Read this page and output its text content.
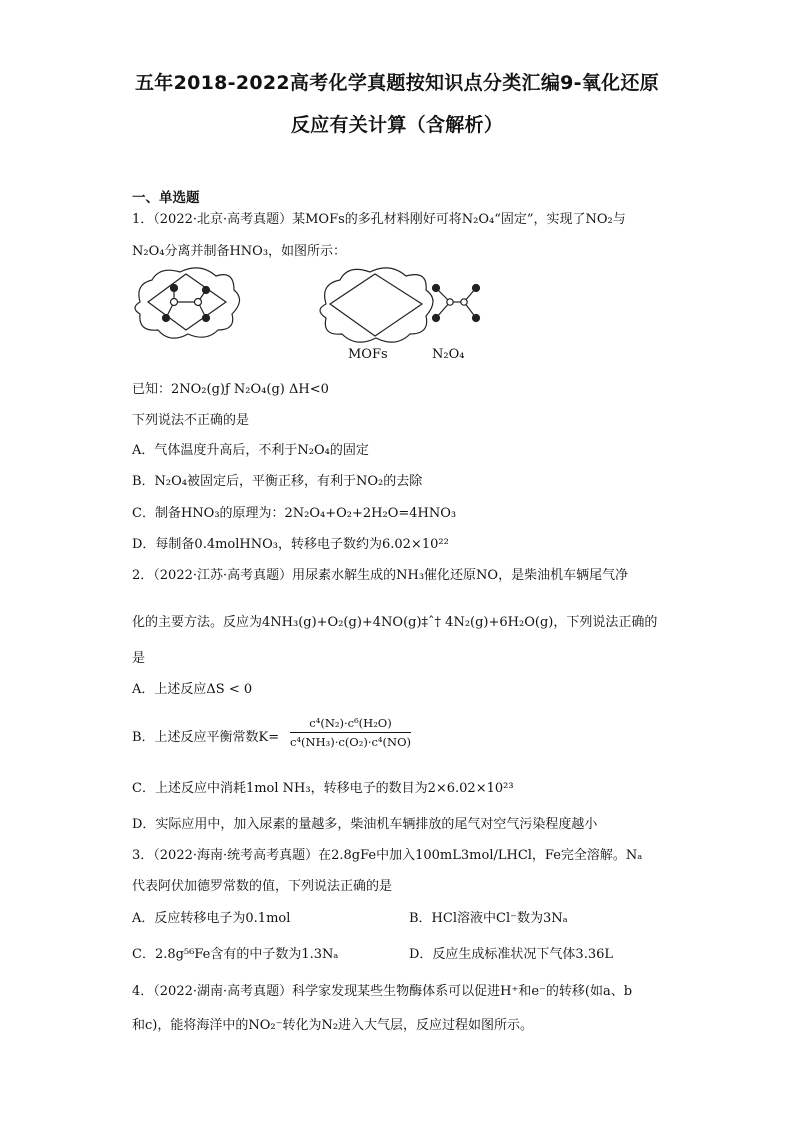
五年2018-2022高考化学真题按知识点分类汇编9-氧化还原
反应有关计算（含解析）
一、单选题
1．（2022·北京·高考真题）某MOFs的多孔材料刚好可将N₂O₄“固定”，实现了NO₂与
N₂O₄分离并制备HNO₃，如图所示：
MOFs	N₂O₄
已知：2NO₂(g)ƒ N₂O₄(g) ΔH<0
下列说法不正确的是
A．气体温度升高后，不利于N₂O₄的固定
B．N₂O₄被固定后，平衡正移，有利于NO₂的去除
C．制备HNO₃的原理为：2N₂O₄+O₂+2H₂O=4HNO₃
D．每制备0.4molHNO₃，转移电子数约为6.02×10²²
2．（2022·江苏·高考真题）用尿素水解生成的NH₃催化还原NO，是柴油机车辆尾气净
化的主要方法。反应为4NH₃(g)+O₂(g)+4NO(g)‡ˆ† 4N₂(g)+6H₂O(g)，下列说法正确的
是
A．上述反应ΔS < 0
B．上述反应平衡常数$K= \frac{\text{c⁴(N₂)·c⁶(H₂O)}}{\text{c⁴(NH₃)·c(O₂)·c⁴(NO)}}$
C．上述反应中消耗1mol NH₃，转移电子的数目为2×6.02×10²³
D．实际应用中，加入尿素的量越多，柴油机车辆排放的尾气对空气污染程度越小
3．（2022·海南·统考高考真题）在2.8gFe中加入100mL3mol/LHCl，Fe完全溶解。Nₐ
代表阿伏加德罗常数的值，下列说法正确的是
A．反应转移电子为0.1mol	B．HCl溶液中Cl⁻数为3Nₐ
C．2.8g⁵⁶Fe含有的中子数为1.3Nₐ	D．反应生成标准状况下气体3.36L
4．（2022·湖南·高考真题）科学家发现某些生物酶体系可以促进H⁺和e⁻的转移(如a、b
和c)，能将海洋中的NO₂⁻转化为N₂进入大气层，反应过程如图所示。
